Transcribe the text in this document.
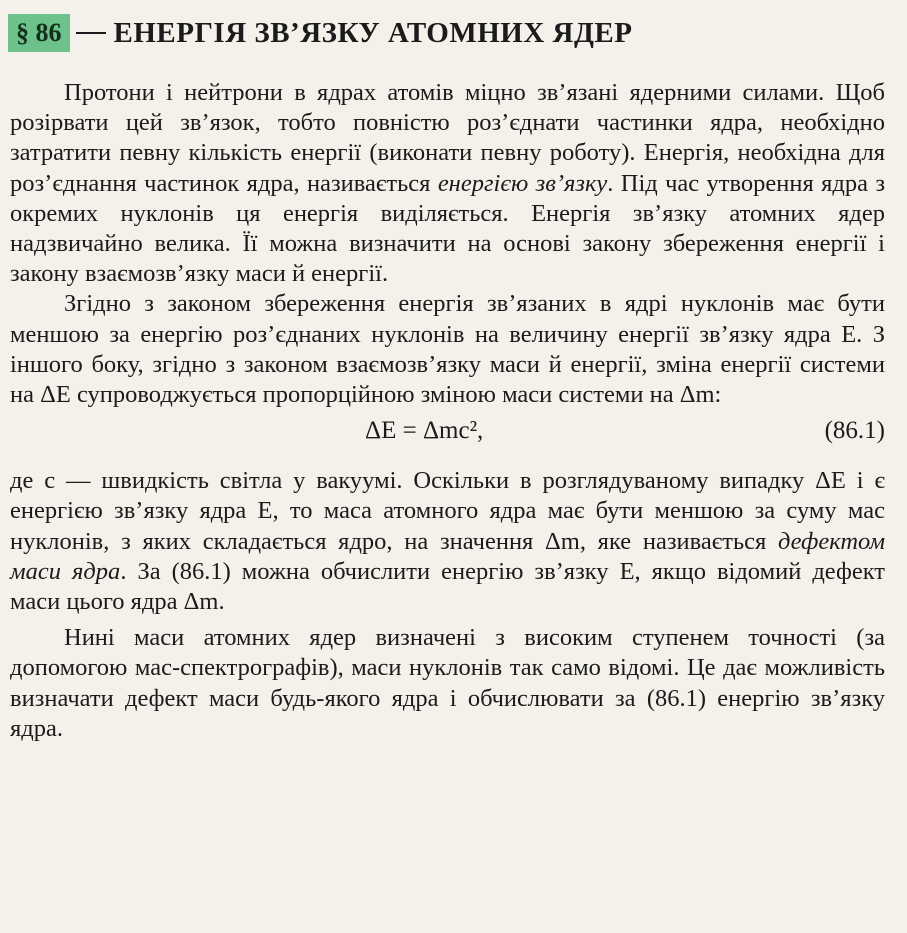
§ 86 ЕНЕРГІЯ ЗВ’ЯЗКУ АТОМНИХ ЯДЕР

Протони і нейтрони в ядрах атомів міцно зв’язані ядерними силами. Щоб розірвати цей зв’язок, тобто повністю роз’єднати частинки ядра, необхідно затратити певну кількість енергії (виконати певну роботу). Енергія, необхідна для роз’єднання частинок ядра, називається енергією зв’язку. Під час утворення ядра з окремих нуклонів ця енергія виділяється. Енергія зв’язку атомних ядер надзвичайно велика. Її можна визначити на основі закону збереження енергії і закону взаємозв’язку маси й енергії.

Згідно з законом збереження енергія зв’язаних в ядрі нуклонів має бути меншою за енергію роз’єднаних нуклонів на величину енергії зв’язку ядра E. З іншого боку, згідно з законом взаємозв’язку маси й енергії, зміна енергії системи на ΔE супроводжується пропорційною зміною маси системи на Δm:

ΔE = Δmc²,	(86.1)

де c — швидкість світла у вакуумі. Оскільки в розглядуваному випадку ΔE і є енергією зв’язку ядра E, то маса атомного ядра має бути меншою за суму мас нуклонів, з яких складається ядро, на значення Δm, яке називається дефектом маси ядра. За (86.1) можна обчислити енергію зв’язку E, якщо відомий дефект маси цього ядра Δm.

Нині маси атомних ядер визначені з високим ступенем точності (за допомогою мас-спектрографів), маси нуклонів так само відомі. Це дає можливість визначати дефект маси будь-якого ядра і обчислювати за (86.1) енергію зв’язку ядра.
